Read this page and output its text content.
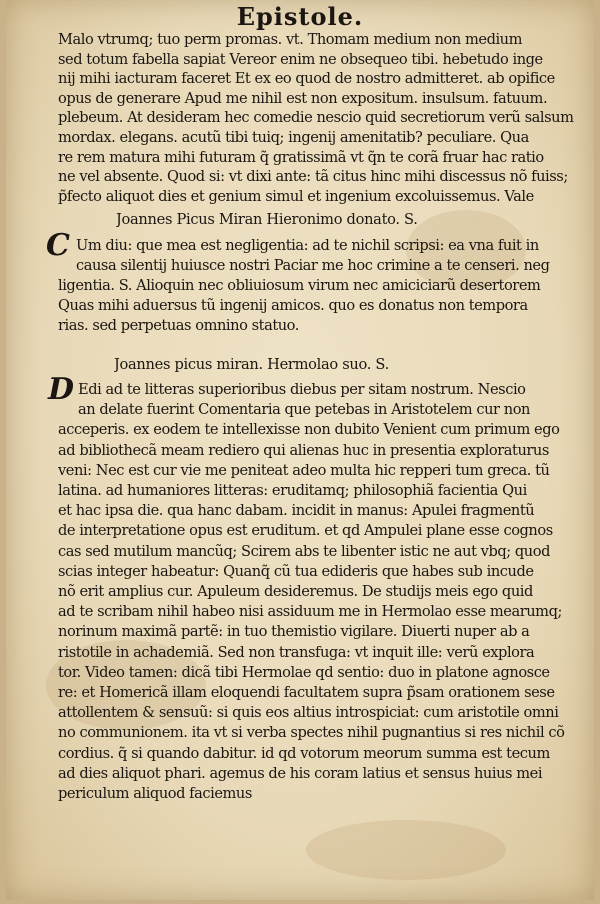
Epistole.
Malo vtrumq; tuo perm promas. vt. Thomam medium non medium
sed totum fabella sapiat Vereor enim ne obsequeo tibi. hebetudo inge
nij mihi iacturam faceret Et ex eo quod de nostro admitteret. ab opifice
opus de generare Apud me nihil est non expositum. insulsum. fatuum.
plebeum. At desideram hec comedie nescio quid secretiorum verũ salsum
mordax. elegans. acutũ tibi tuiq; ingenij amenitatib? peculiare. Qua
re rem matura mihi futuram q̃ gratissimã vt q̃n te corã fruar hac ratio
ne vel absente. Quod si: vt dixi ante: tã citus hinc mihi discessus nõ fuiss;
p̃fecto aliquot dies et genium simul et ingenium excoluissemus. Vale
Joannes Picus Miran Hieronimo donato. S.
C Um diu: que mea est negligentia: ad te nichil scripsi: ea vna fuit in
causa silentij huiusce nostri Paciar me hoc crimine a te censeri. neg
ligentia. S. Alioquin nec obliuiosum virum nec amiciciarũ desertorem
Quas mihi aduersus tũ ingenij amicos. quo es donatus non tempora
rias. sed perpetuas omnino statuo.
Joannes picus miran. Hermolao suo. S.
D Edi ad te litteras superioribus diebus per sitam nostrum. Nescio
an delate fuerint Comentaria que petebas in Aristotelem cur non
acceperis. ex eodem te intellexisse non dubito Venient cum primum ego
ad bibliothecã meam rediero qui alienas huc in presentia exploraturus
veni: Nec est cur vie me peniteat adeo multa hic repperi tum greca. tũ
latina. ad humaniores litteras: eruditamq; philosophiã facientia Qui
et hac ipsa die. qua hanc dabam. incidit in manus: Apulei fragmentũ
de interpretatione opus est eruditum. et qd Ampulei plane esse cognos
cas sed mutilum mancũq; Scirem abs te libenter istic ne aut vbq; quod
scias integer habeatur: Quanq̃ cũ tua edideris que habes sub incude
nõ erit amplius cur. Apuleum desideremus. De studijs meis ego quid
ad te scribam nihil habeo nisi assiduum me in Hermolao esse mearumq;
norinum maximã partẽ: in tuo themistio vigilare. Diuerti nuper ab a
ristotile in achademiã. Sed non transfuga: vt inquit ille: verũ explora
tor. Video tamen: dicã tibi Hermolae qd sentio: duo in platone agnosce
re: et Homericã illam eloquendi facultatem supra p̃sam orationem sese
attollentem & sensuũ: si quis eos altius introspiciat: cum aristotile omni
no communionem. ita vt si verba spectes nihil pugnantius si res nichil cõ
cordius. q̃ si quando dabitur. id qd votorum meorum summa est tecum
ad dies aliquot phari. agemus de his coram latius et sensus huius mei
periculum aliquod faciemus
